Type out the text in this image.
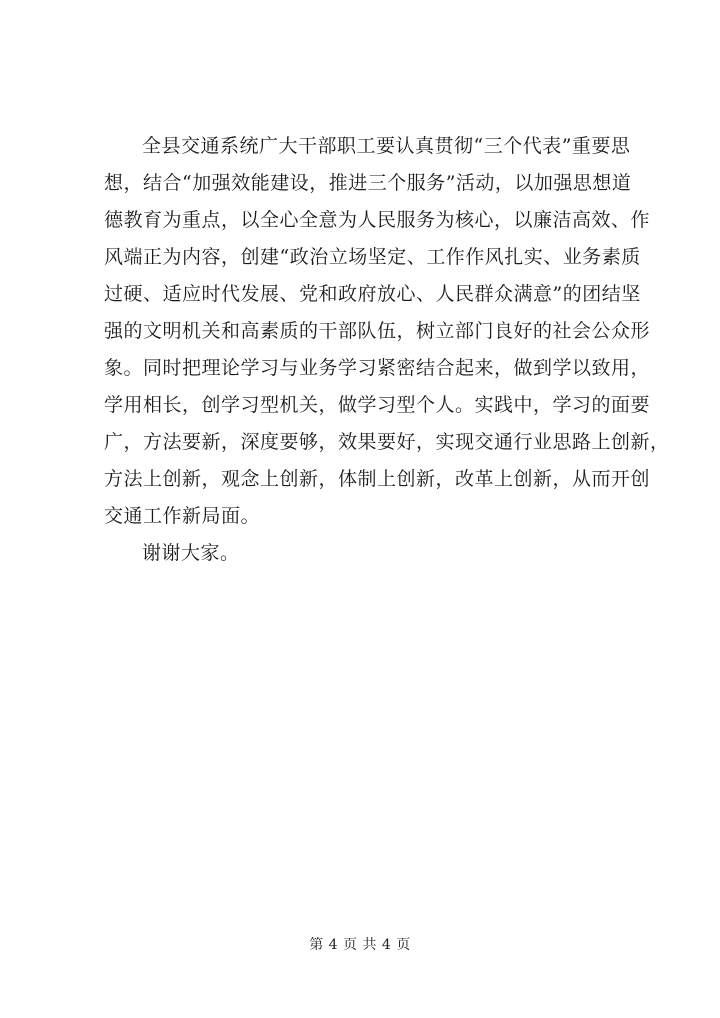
全县交通系统广大干部职工要认真贯彻“三个代表”重要思
想，结合“加强效能建设，推进三个服务”活动，以加强思想道
德教育为重点，以全心全意为人民服务为核心，以廉洁高效、作
风端正为内容，创建“政治立场坚定、工作作风扎实、业务素质
过硬、适应时代发展、党和政府放心、人民群众满意”的团结坚
强的文明机关和高素质的干部队伍，树立部门良好的社会公众形
象。同时把理论学习与业务学习紧密结合起来，做到学以致用，
学用相长，创学习型机关，做学习型个人。实践中，学习的面要
广，方法要新，深度要够，效果要好，实现交通行业思路上创新，
方法上创新，观念上创新，体制上创新，改革上创新，从而开创
交通工作新局面。
谢谢大家。
第 4 页 共 4 页
